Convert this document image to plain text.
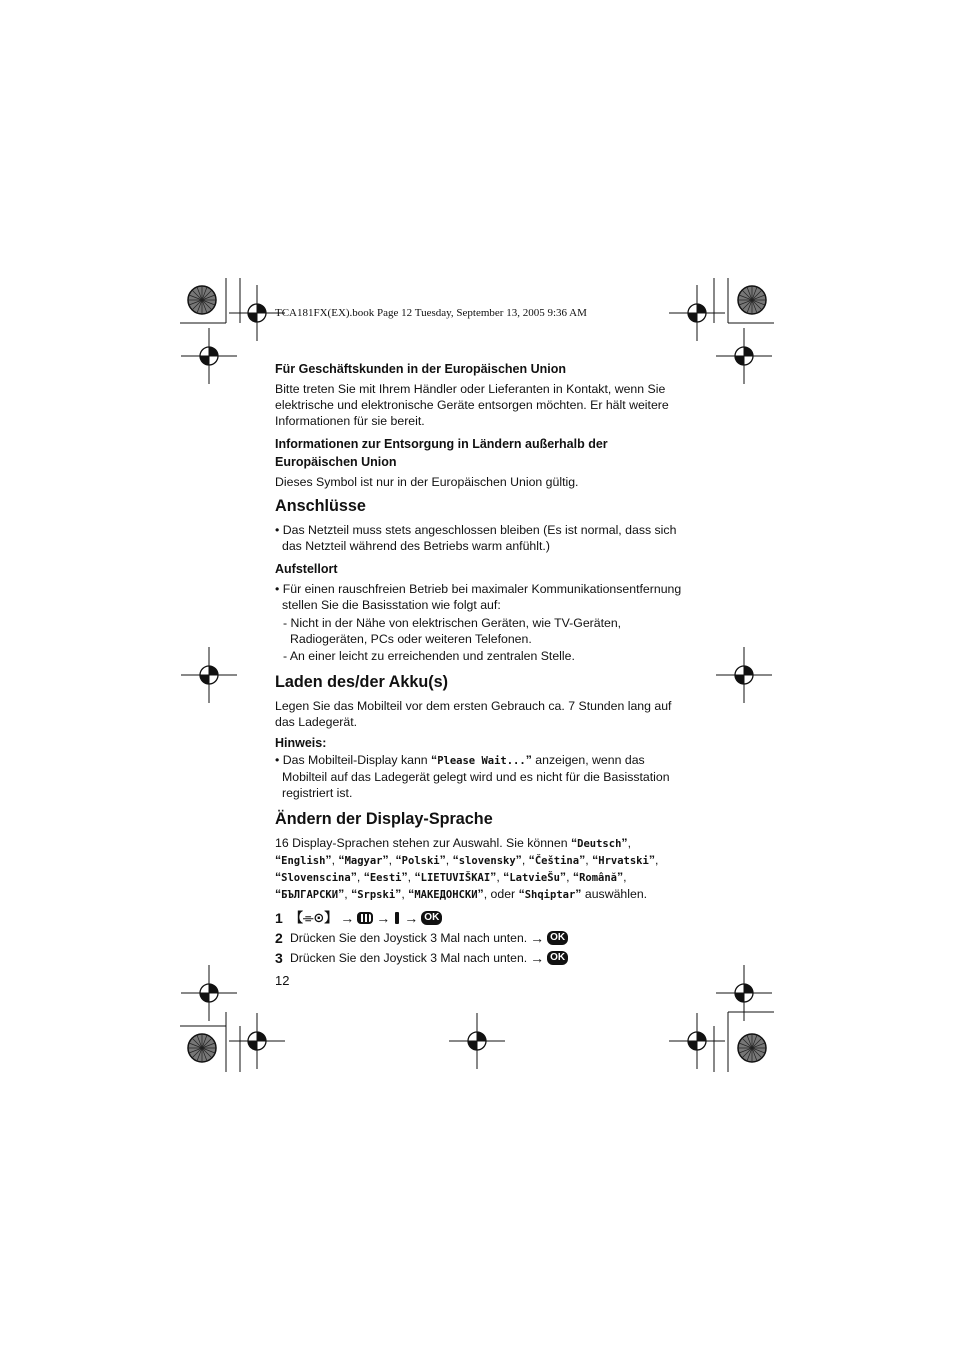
TCA181FX(EX).book Page 12 Tuesday, September 13, 2005 9:36 AM
Für Geschäftskunden in der Europäischen Union

Bitte treten Sie mit Ihrem Händler oder Lieferanten in Kontakt, wenn Sie elektrische und elektronische Geräte entsorgen möchten. Er hält weitere Informationen für sie bereit.

Informationen zur Entsorgung in Ländern außerhalb der Europäischen Union

Dieses Symbol ist nur in der Europäischen Union gültig.

Anschlüsse
• Das Netzteil muss stets angeschlossen bleiben (Es ist normal, dass sich das Netzteil während des Betriebs warm anfühlt.)
Aufstellort
• Für einen rauschfreien Betrieb bei maximaler Kommunikationsentfernung stellen Sie die Basisstation wie folgt auf:
- Nicht in der Nähe von elektrischen Geräten, wie TV-Geräten, Radiogeräten, PCs oder weiteren Telefonen.
- An einer leicht zu erreichenden und zentralen Stelle.
Laden des/der Akku(s)

Legen Sie das Mobilteil vor dem ersten Gebrauch ca. 7 Stunden lang auf das Ladegerät.

Hinweis:
• Das Mobilteil-Display kann “Please Wait...” anzeigen, wenn das Mobilteil auf das Ladegerät gelegt wird und es nicht für die Basisstation registriert ist.
Ändern der Display-Sprache

16 Display-Sprachen stehen zur Auswahl. Sie können “Deutsch”, “English”, “Magyar”, “Polski”, “slovensky”, “Čeština”, “Hrvatski”, “Slovenscina”, “Eesti”, “LIETUVIŠKAI”, “LatvieŠu”, “Română”, “БЪЛГАРСКИ”, “Srpski”, “МАКЕДОНСКИ”, oder “Shqiptar” auswählen.

1 【⌯⊙】 → → → OK
2 Drücken Sie den Joystick 3 Mal nach unten. → OK
3 Drücken Sie den Joystick 3 Mal nach unten. → OK
12
